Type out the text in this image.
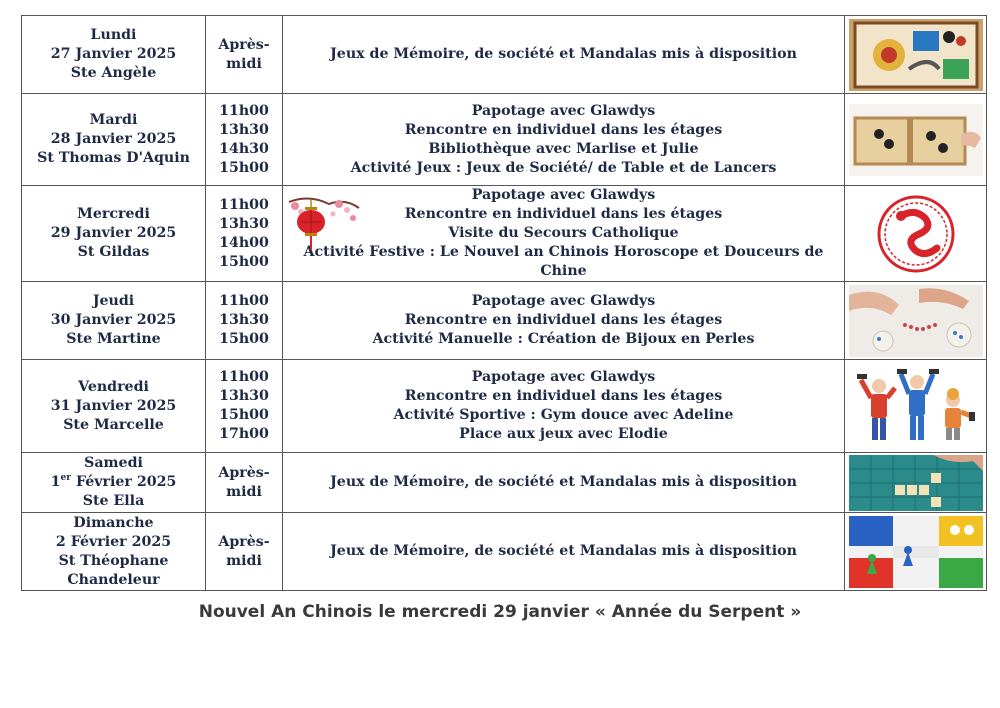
Lundi
27 Janvier 2025
Ste Angèle	Après-
midi	Jeux de Mémoire, de société et Mandalas mis à disposition

Mardi
28 Janvier 2025
St Thomas D'Aquin	11h00
13h30
14h30
15h00	Papotage avec Glawdys
Rencontre en individuel dans les étages
Bibliothèque avec Marlise et Julie
Activité Jeux : Jeux de Société/ de Table et de Lancers

Mercredi
29 Janvier 2025
St Gildas	11h00
13h30
14h00
15h00	Papotage avec Glawdys
Rencontre en individuel dans les étages
Visite du Secours Catholique
Activité Festive : Le Nouvel an Chinois Horoscope et Douceurs de Chine

Jeudi
30 Janvier 2025
Ste Martine	11h00
13h30
15h00	Papotage avec Glawdys
Rencontre en individuel dans les étages
Activité Manuelle : Création de Bijoux en Perles

Vendredi
31 Janvier 2025
Ste Marcelle	11h00
13h30
15h00
17h00	Papotage avec Glawdys
Rencontre en individuel dans les étages
Activité Sportive : Gym douce avec Adeline
Place aux jeux avec Elodie

Samedi
1er Février 2025
Ste Ella	Après-
midi	Jeux de Mémoire, de société et Mandalas mis à disposition

Dimanche
2 Février 2025
St Théophane
Chandeleur	Après-
midi	Jeux de Mémoire, de société et Mandalas mis à disposition

Nouvel An Chinois le mercredi 29 janvier « Année du Serpent »
